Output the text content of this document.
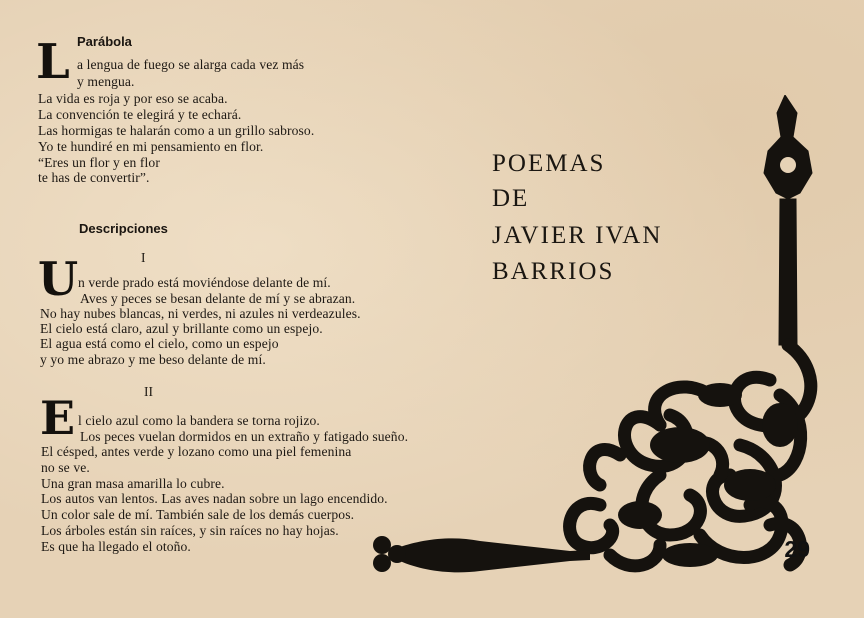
Parábola
L a lengua de fuego se alarga cada vez más
y mengua.
La vida es roja y por eso se acaba.
La convención te elegirá y te echará.
Las hormigas te halarán como a un grillo sabroso.
Yo te hundiré en mi pensamiento en flor.
“Eres un flor y en flor
te has de convertir”.
Descripciones
I
U n verde prado está moviéndose delante de mí.
Aves y peces se besan delante de mí y se abrazan.
No hay nubes blancas, ni verdes, ni azules ni verdeazules.
El cielo está claro, azul y brillante como un espejo.
El agua está como el cielo, como un espejo
y yo me abrazo y me beso delante de mí.
II
E l cielo azul como la bandera se torna rojizo.
Los peces vuelan dormidos en un extraño y fatigado sueño.
El césped, antes verde y lozano como una piel femenina
no se ve.
Una gran masa amarilla lo cubre.
Los autos van lentos. Las aves nadan sobre un lago encendido.
Un color sale de mí. También sale de los demás cuerpos.
Los árboles están sin raíces, y sin raíces no hay hojas.
Es que ha llegado el otoño.
POEMAS
DE
JAVIER IVAN
BARRIOS
29
